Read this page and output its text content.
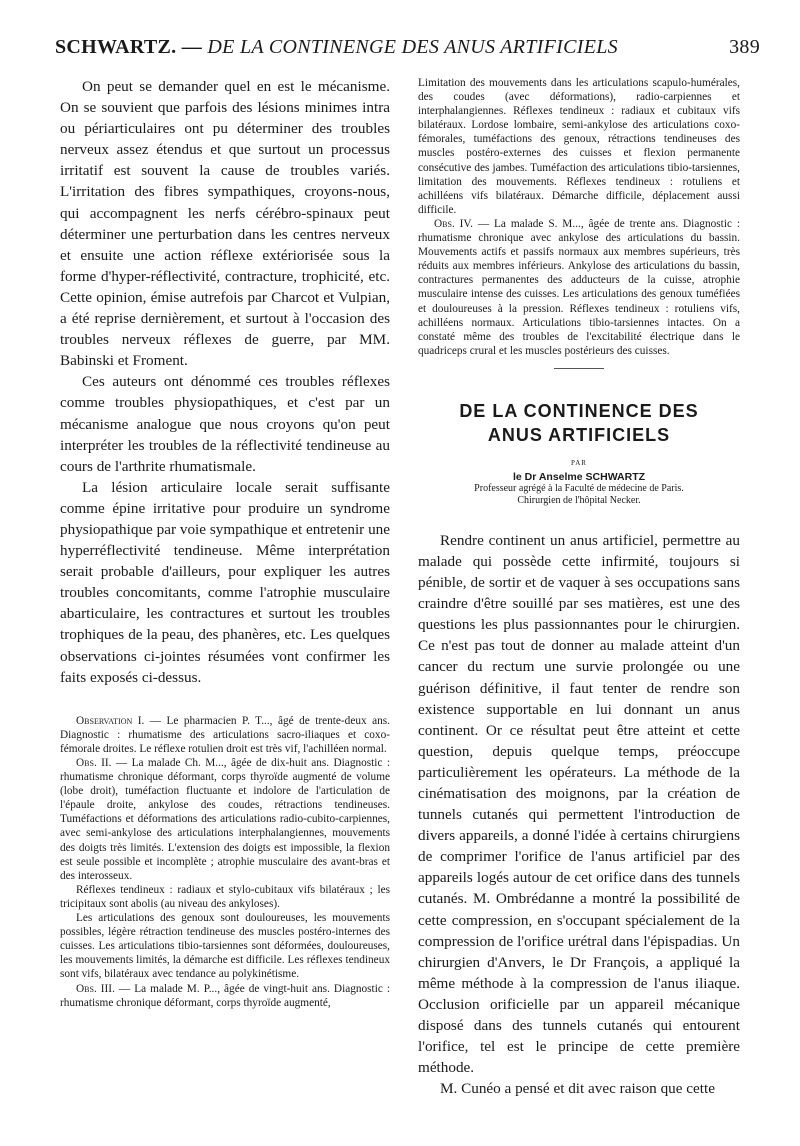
SCHWARTZ. — DE LA CONTINENGE DES ANUS ARTIFICIELS	389

On peut se demander quel en est le mécanisme. On se souvient que parfois des lésions minimes intra ou périarticulaires ont pu déterminer des troubles nerveux assez étendus et que surtout un processus irritatif est souvent la cause de troubles variés. L'irritation des fibres sympathiques, croyons-nous, qui accompagnent les nerfs cérébro-spinaux peut déterminer une perturbation dans les centres nerveux et ensuite une action réflexe extériorisée sous la forme d'hyper-réflectivité, contracture, trophicité, etc. Cette opinion, émise autrefois par Charcot et Vulpian, a été reprise dernièrement, et surtout à l'occasion des troubles nerveux réflexes de guerre, par MM. Babinski et Froment.

Ces auteurs ont dénommé ces troubles réflexes comme troubles physiopathiques, et c'est par un mécanisme analogue que nous croyons qu'on peut interpréter les troubles de la réflectivité tendineuse au cours de l'arthrite rhumatismale.

La lésion articulaire locale serait suffisante comme épine irritative pour produire un syndrome physiopathique par voie sympathique et entretenir une hyperréflectivité tendineuse. Même interprétation serait probable d'ailleurs, pour expliquer les autres troubles concomitants, comme l'atrophie musculaire abarticulaire, les contractures et surtout les troubles trophiques de la peau, des phanères, etc. Les quelques observations ci-jointes résumées vont confirmer les faits exposés ci-dessus.

Observation I. — Le pharmacien P. T..., âgé de trente-deux ans. Diagnostic : rhumatisme des articulations sacro-iliaques et coxo-fémorale droites. Le réflexe rotulien droit est très vif, l'achilléen normal.

Obs. II. — La malade Ch. M..., âgée de dix-huit ans. Diagnostic : rhumatisme chronique déformant, corps thyroïde augmenté de volume (lobe droit), tuméfaction fluctuante et indolore de l'articulation de l'épaule droite, ankylose des coudes, rétractions tendineuses. Tuméfactions et déformations des articulations radio-cubito-carpiennes, avec semi-ankylose des articulations interphalangiennes, mouvements des doigts très limités. L'extension des doigts est impossible, la flexion est seule possible et incomplète ; atrophie musculaire des avant-bras et des interosseux.

Réflexes tendineux : radiaux et stylo-cubitaux vifs bilatéraux ; les tricipitaux sont abolis (au niveau des ankyloses).

Les articulations des genoux sont douloureuses, les mouvements possibles, légère rétraction tendineuse des muscles postéro-internes des cuisses. Les articulations tibio-tarsiennes sont déformées, douloureuses, les mouvements limités, la démarche est difficile. Les réflexes tendineux sont vifs, bilatéraux avec tendance au polykinétisme.

Obs. III. — La malade M. P..., âgée de vingt-huit ans. Diagnostic : rhumatisme chronique déformant, corps thyroïde augmenté,

Limitation des mouvements dans les articulations scapulo-humérales, des coudes (avec déformations), radio-carpiennes et interphalangiennes. Réflexes tendineux : radiaux et cubitaux vifs bilatéraux. Lordose lombaire, semi-ankylose des articulations coxo-fémorales, tuméfactions des genoux, rétractions tendineuses des muscles postéro-externes des cuisses et flexion permanente consécutive des jambes. Tuméfaction des articulations tibio-tarsiennes, limitation des mouvements. Réflexes tendineux : rotuliens et achilléens vifs bilatéraux. Démarche difficile, déplacement aussi difficile.

Obs. IV. — La malade S. M..., âgée de trente ans. Diagnostic : rhumatisme chronique avec ankylose des articulations du bassin. Mouvements actifs et passifs normaux aux membres supérieurs, très réduits aux membres inférieurs. Ankylose des articulations du bassin, contractures permanentes des adducteurs de la cuisse, atrophie musculaire intense des cuisses. Les articulations des genoux tuméfiées et douloureuses à la pression. Réflexes tendineux : rotuliens vifs, achilléens normaux. Articulations tibio-tarsiennes intactes. On a constaté même des troubles de l'excitabilité électrique dans le quadriceps crural et les muscles postérieurs des cuisses.

DE LA CONTINENCE DES
ANUS ARTIFICIELS
PAR
le Dr Anselme SCHWARTZ
Professeur agrégé à la Faculté de médecine de Paris.
Chirurgien de l'hôpital Necker.

Rendre continent un anus artificiel, permettre au malade qui possède cette infirmité, toujours si pénible, de sortir et de vaquer à ses occupations sans craindre d'être souillé par ses matières, est une des questions les plus passionnantes pour le chirurgien. Ce n'est pas tout de donner au malade atteint d'un cancer du rectum une survie prolongée ou une guérison définitive, il faut tenter de rendre son existence supportable en lui donnant un anus continent. Or ce résultat peut être atteint et cette question, depuis quelque temps, préoccupe particulièrement les opérateurs. La méthode de la cinématisation des moignons, par la création de tunnels cutanés qui permettent l'introduction de divers appareils, a donné l'idée à certains chirurgiens de comprimer l'orifice de l'anus artificiel par des appareils logés autour de cet orifice dans des tunnels cutanés. M. Ombrédanne a montré la possibilité de cette compression, en s'occupant spécialement de la compression de l'orifice urétral dans l'épispadias. Un chirurgien d'Anvers, le Dr François, a appliqué la même méthode à la compression de l'anus iliaque. Occlusion orificielle par un appareil mécanique disposé dans des tunnels cutanés qui entourent l'orifice, tel est le principe de cette première méthode.

M. Cunéo a pensé et dit avec raison que cette
